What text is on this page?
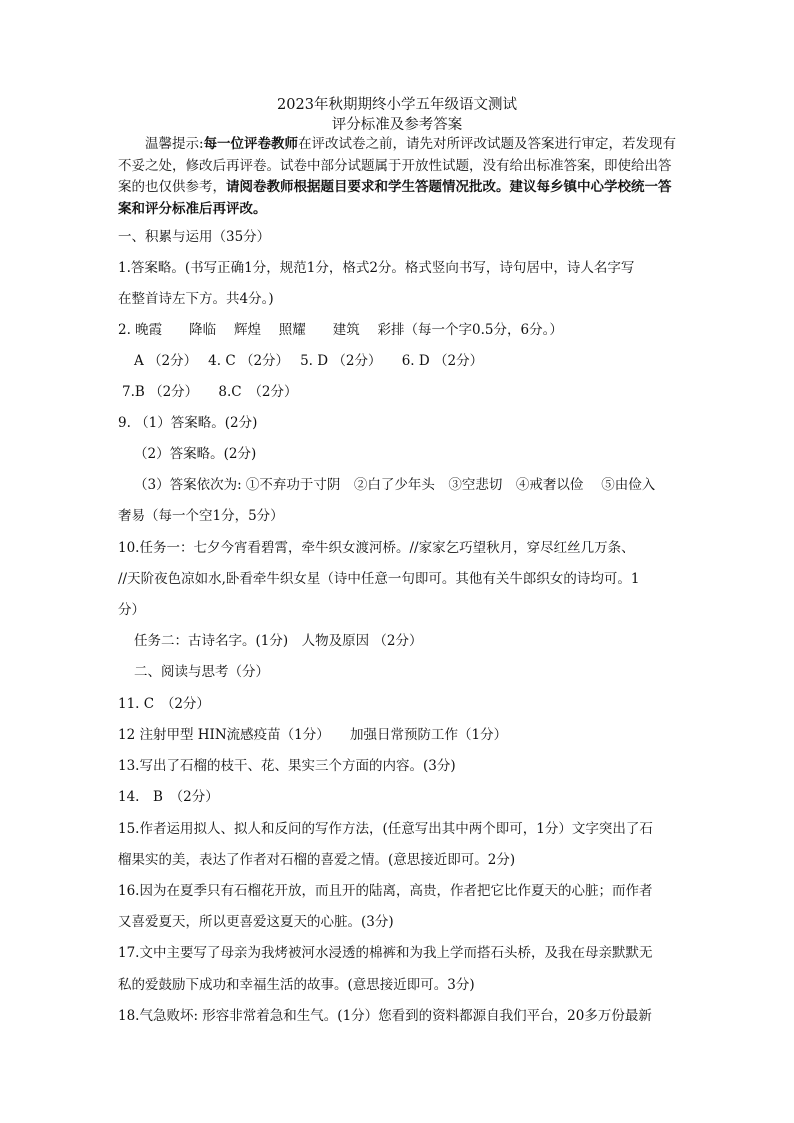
2023年秋期期终小学五年级语文测试
评分标准及参考答案
温馨提示:每一位评卷教师在评改试卷之前，请先对所评改试题及答案进行审定，若发现有不妥之处，修改后再评卷。试卷中部分试题属于开放性试题，没有给出标准答案，即使给出答案的也仅供参考，请阅卷教师根据题目要求和学生答题情况批改。建议每乡镇中心学校统一答案和评分标准后再评改。
一、积累与运用（35分）
1.答案略。(书写正确1分，规范1分，格式2分。格式竖向书写，诗句居中，诗人名字写
在整首诗左下方。共4分。)
2. 晚霞　　降临　 辉煌　 照耀　　建筑　 彩排（每一个字0.5分，6分。）
A （2分）　 4. C （2分）　 5. D （2分）　　6. D （2分）
7.B （2分）　　8.C　（2分）
9. （1）答案略。(2分)
（2）答案略。(2分)
（3）答案依次为: ①不弃功于寸阴　②白了少年头　③空悲切　④戒奢以俭　 ⑤由俭入
奢易（每一个空1分，5分）
10.任务一：七夕今宵看碧霄，牵牛织女渡河桥。//家家乞巧望秋月，穿尽红丝几万条、
//天阶夜色凉如水,卧看牵牛织女星（诗中任意一句即可。其他有关牛郎织女的诗均可。1
分）
任务二：古诗名字。(1分)　人物及原因 （2分）
二、阅读与思考（分）
11. C　（2分）
12 注射甲型 HIN流感疫苗（1分）　　加强日常预防工作（1分）
13.写出了石榴的枝干、花、果实三个方面的内容。(3分)
14.　B　（2分）
15.作者运用拟人、拟人和反问的写作方法，(任意写出其中两个即可，1分）文字突出了石
榴果实的美，表达了作者对石榴的喜爱之情。(意思接近即可。2分)
16.因为在夏季只有石榴花开放，而且开的陆离，高贵，作者把它比作夏天的心脏；而作者
又喜爱夏天，所以更喜爱这夏天的心脏。(3分)
17.文中主要写了母亲为我烤被河水浸透的棉裤和为我上学而搭石头桥，及我在母亲默默无
私的爱鼓励下成功和幸福生活的故事。(意思接近即可。3分)
18.气急败坏: 形容非常着急和生气。(1分）您看到的资料都源自我们平台，20多万份最新
